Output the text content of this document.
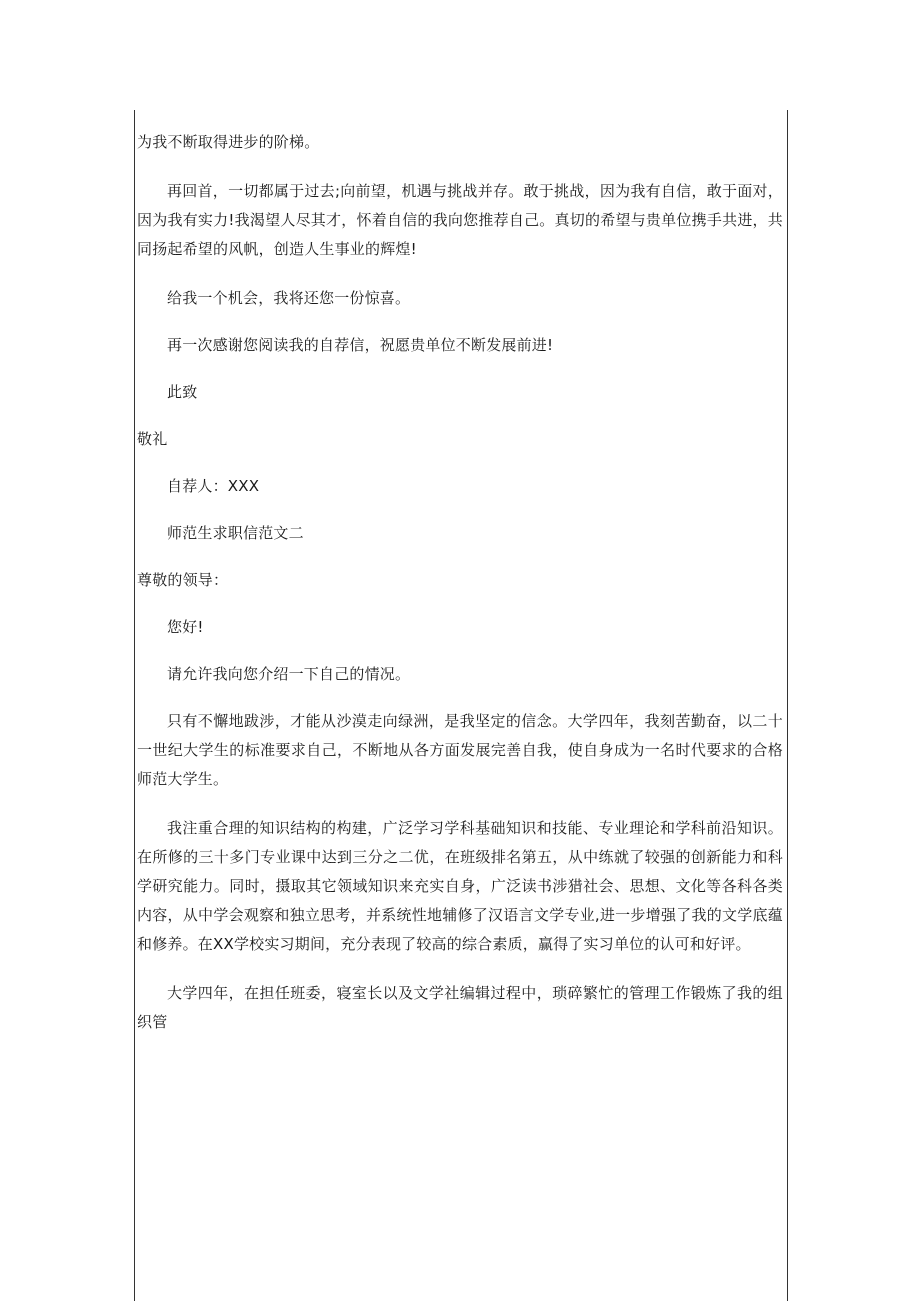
为我不断取得进步的阶梯。

再回首，一切都属于过去;向前望，机遇与挑战并存。敢于挑战，因为我有自信，敢于面对，因为我有实力!我渴望人尽其才，怀着自信的我向您推荐自己。真切的希望与贵单位携手共进，共同扬起希望的风帆，创造人生事业的辉煌!

给我一个机会，我将还您一份惊喜。

再一次感谢您阅读我的自荐信，祝愿贵单位不断发展前进!

此致

敬礼

自荐人：XXX

师范生求职信范文二

尊敬的领导：

您好!

请允许我向您介绍一下自己的情况。

只有不懈地跋涉，才能从沙漠走向绿洲，是我坚定的信念。大学四年，我刻苦勤奋，以二十一世纪大学生的标准要求自己，不断地从各方面发展完善自我，使自身成为一名时代要求的合格师范大学生。

我注重合理的知识结构的构建，广泛学习学科基础知识和技能、专业理论和学科前沿知识。在所修的三十多门专业课中达到三分之二优，在班级排名第五，从中练就了较强的创新能力和科学研究能力。同时，摄取其它领域知识来充实自身，广泛读书涉猎社会、思想、文化等各科各类内容，从中学会观察和独立思考，并系统性地辅修了汉语言文学专业,进一步增强了我的文学底蕴和修养。在XX学校实习期间，充分表现了较高的综合素质，赢得了实习单位的认可和好评。

大学四年，在担任班委，寝室长以及文学社编辑过程中，琐碎繁忙的管理工作锻炼了我的组织管
